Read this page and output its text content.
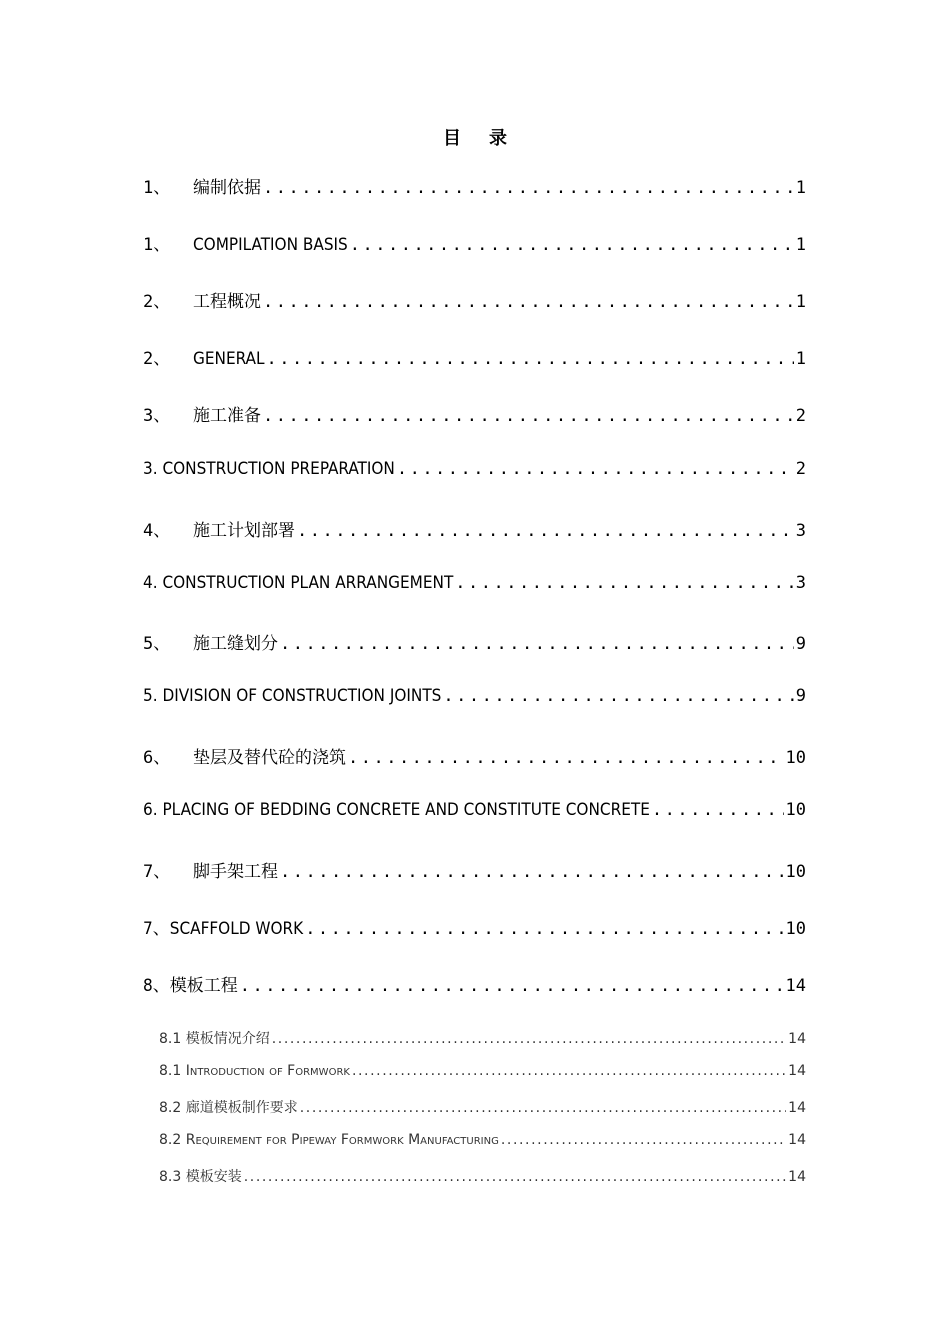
目录
1、	编制依据 .....	1
1、	COMPILATION BASIS .....	1
2、	工程概况 .....	1
2、	GENERAL .....	1
3、	施工准备 .....	2
3. CONSTRUCTION PREPARATION .....	2
4、	施工计划部署 .....	3
4. CONSTRUCTION PLAN ARRANGEMENT .....	3
5、	施工缝划分 .....	9
5. DIVISION OF CONSTRUCTION JOINTS .....	9
6、	垫层及替代砼的浇筑 .....	10
6. PLACING OF BEDDING CONCRETE AND CONSTITUTE CONCRETE .....	10
7、	脚手架工程 .....	10
7、SCAFFOLD WORK .....	10
8、模板工程 .....	14
8.1 模板情况介绍 .....	14
8.1 Introduction of Formwork .....	14
8.2 廊道模板制作要求 .....	14
8.2 Requirement for Pipeway Formwork Manufacturing .....	14
8.3 模板安装 .....	14
